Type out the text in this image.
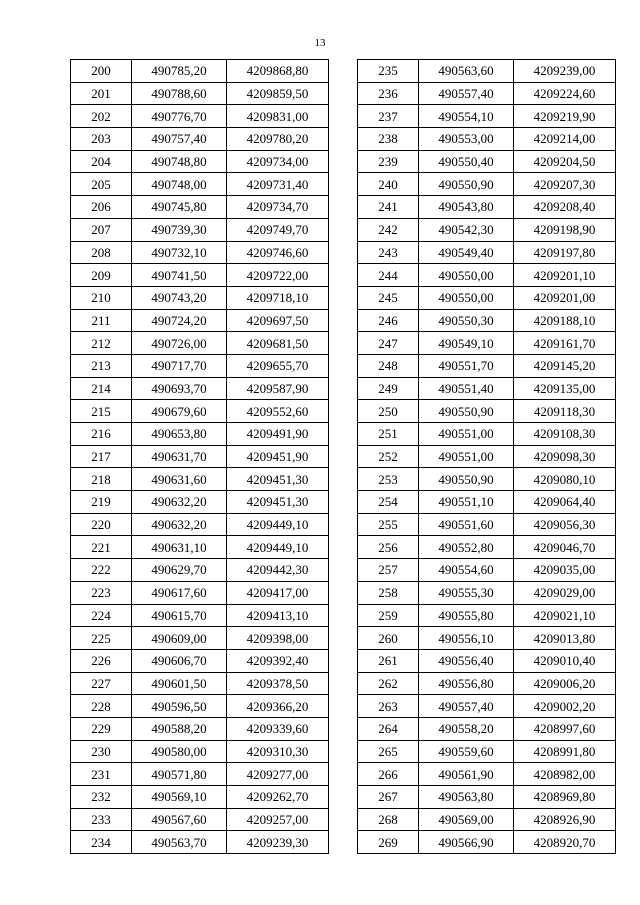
13
200	490785,20	4209868,80
201	490788,60	4209859,50
202	490776,70	4209831,00
203	490757,40	4209780,20
204	490748,80	4209734,00
205	490748,00	4209731,40
206	490745,80	4209734,70
207	490739,30	4209749,70
208	490732,10	4209746,60
209	490741,50	4209722,00
210	490743,20	4209718,10
211	490724,20	4209697,50
212	490726,00	4209681,50
213	490717,70	4209655,70
214	490693,70	4209587,90
215	490679,60	4209552,60
216	490653,80	4209491,90
217	490631,70	4209451,90
218	490631,60	4209451,30
219	490632,20	4209451,30
220	490632,20	4209449,10
221	490631,10	4209449,10
222	490629,70	4209442,30
223	490617,60	4209417,00
224	490615,70	4209413,10
225	490609,00	4209398,00
226	490606,70	4209392,40
227	490601,50	4209378,50
228	490596,50	4209366,20
229	490588,20	4209339,60
230	490580,00	4209310,30
231	490571,80	4209277,00
232	490569,10	4209262,70
233	490567,60	4209257,00
234	490563,70	4209239,30
235	490563,60	4209239,00
236	490557,40	4209224,60
237	490554,10	4209219,90
238	490553,00	4209214,00
239	490550,40	4209204,50
240	490550,90	4209207,30
241	490543,80	4209208,40
242	490542,30	4209198,90
243	490549,40	4209197,80
244	490550,00	4209201,10
245	490550,00	4209201,00
246	490550,30	4209188,10
247	490549,10	4209161,70
248	490551,70	4209145,20
249	490551,40	4209135,00
250	490550,90	4209118,30
251	490551,00	4209108,30
252	490551,00	4209098,30
253	490550,90	4209080,10
254	490551,10	4209064,40
255	490551,60	4209056,30
256	490552,80	4209046,70
257	490554,60	4209035,00
258	490555,30	4209029,00
259	490555,80	4209021,10
260	490556,10	4209013,80
261	490556,40	4209010,40
262	490556,80	4209006,20
263	490557,40	4209002,20
264	490558,20	4208997,60
265	490559,60	4208991,80
266	490561,90	4208982,00
267	490563,80	4208969,80
268	490569,00	4208926,90
269	490566,90	4208920,70
